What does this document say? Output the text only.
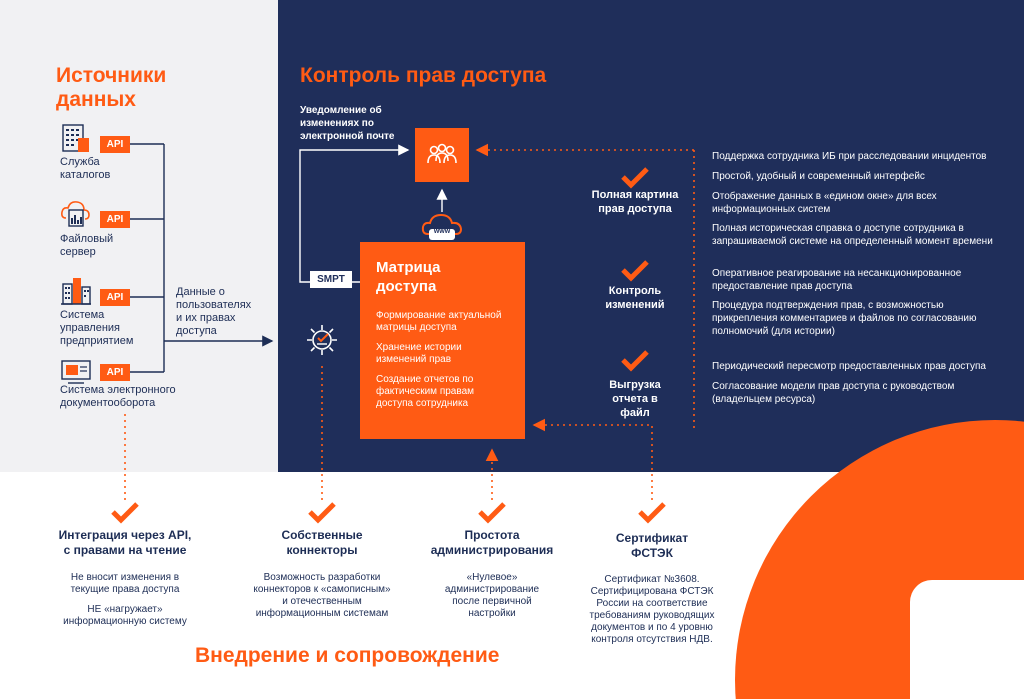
Источники
данных
API
Служба
каталогов
API
Файловый
сервер
API
Система
управления
предприятием
API
Система электронного
документооборота
Данные о
пользователях
и их правах
доступа
Контроль прав доступа
Уведомление об
изменениях по
электронной почте
www
SMPT
Матрица
доступа
Формирование актуальной
матрицы доступа
Хранение истории
изменений прав
Создание отчетов по
фактическим правам
доступа сотрудника
Полная картина
прав доступа
Контроль
изменений
Выгрузка
отчета в
файл
Поддержка сотрудника ИБ при расследовании инцидентов
Простой, удобный и современный интерфейс
Отображение данных в «едином окне» для всех
информационных систем
Полная историческая справка о доступе сотрудника в
запрашиваемой системе на определенный момент времени
Оперативное реагирование на несанкционированное
предоставление прав доступа
Процедура подтверждения прав, с возможностью
прикрепления комментариев и файлов по согласованию
полномочий (для истории)
Периодический пересмотр предоставленных прав доступа
Согласование модели прав доступа с руководством
(владельцем ресурса)
Интеграция через API,
с правами на чтение
Не вносит изменения в
текущие права доступа
НЕ «нагружает»
информационную систему
Собственные
коннекторы
Возможность разработки
коннекторов к «самописным»
и отечественным
информационным системам
Простота
администрирования
«Нулевое»
администрирование
после первичной
настройки
Сертификат
ФСТЭК
Сертификат №3608.
Сертифицирована ФСТЭК
России на соответствие
требованиям руководящих
документов и по 4 уровню
контроля отсутствия НДВ.
Внедрение и сопровождение
